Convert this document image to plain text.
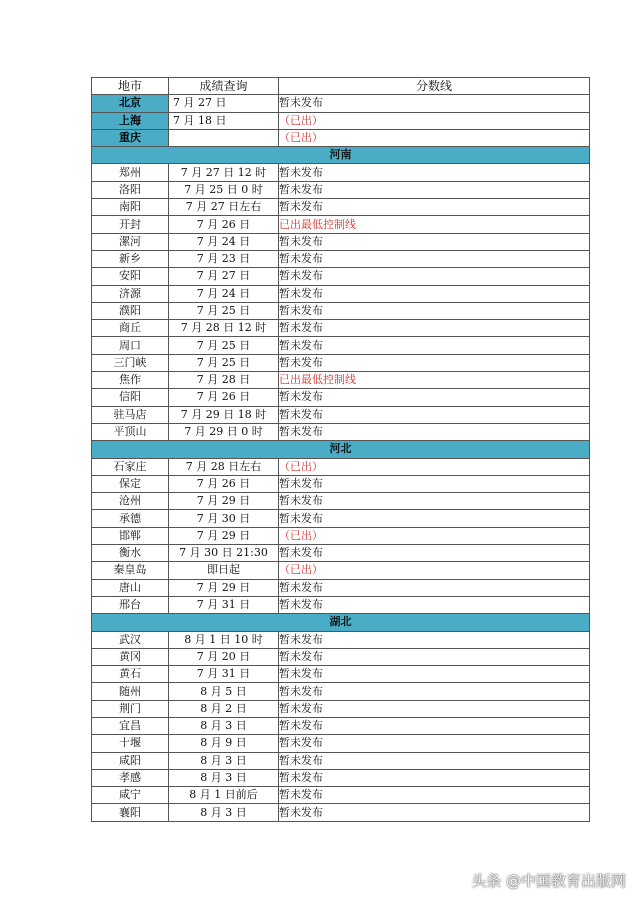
地市	成绩查询	分数线
北京	7 月 27 日	暂未发布
上海	7 月 18 日	（已出）
重庆		（已出）
河南		
郑州	7 月 27 日 12 时	暂未发布
洛阳	7 月 25 日 0 时	暂未发布
南阳	7 月 27 日左右	暂未发布
开封	7 月 26 日	已出最低控制线
漯河	7 月 24 日	暂未发布
新乡	7 月 23 日	暂未发布
安阳	7 月 27 日	暂未发布
济源	7 月 24 日	暂未发布
濮阳	7 月 25 日	暂未发布
商丘	7 月 28 日 12 时	暂未发布
周口	7 月 25 日	暂未发布
三门峡	7 月 25 日	暂未发布
焦作	7 月 28 日	已出最低控制线
信阳	7 月 26 日	暂未发布
驻马店	7 月 29 日 18 时	暂未发布
平顶山	7 月 29 日 0 时	暂未发布
河北		
石家庄	7 月 28 日左右	（已出）
保定	7 月 26 日	暂未发布
沧州	7 月 29 日	暂未发布
承德	7 月 30 日	暂未发布
邯郸	7 月 29 日	（已出）
衡水	7 月 30 日 21:30	暂未发布
秦皇岛	即日起	（已出）
唐山	7 月 29 日	暂未发布
邢台	7 月 31 日	暂未发布
湖北		
武汉	8 月 1 日 10 时	暂未发布
黄冈	7 月 20 日	暂未发布
黄石	7 月 31 日	暂未发布
随州	8 月 5 日	暂未发布
荆门	8 月 2 日	暂未发布
宜昌	8 月 3 日	暂未发布
十堰	8 月 9 日	暂未发布
咸阳	8 月 3 日	暂未发布
孝感	8 月 3 日	暂未发布
咸宁	8 月 1 日前后	暂未发布
襄阳	8 月 3 日	暂未发布
头条 @中国教育出版网
